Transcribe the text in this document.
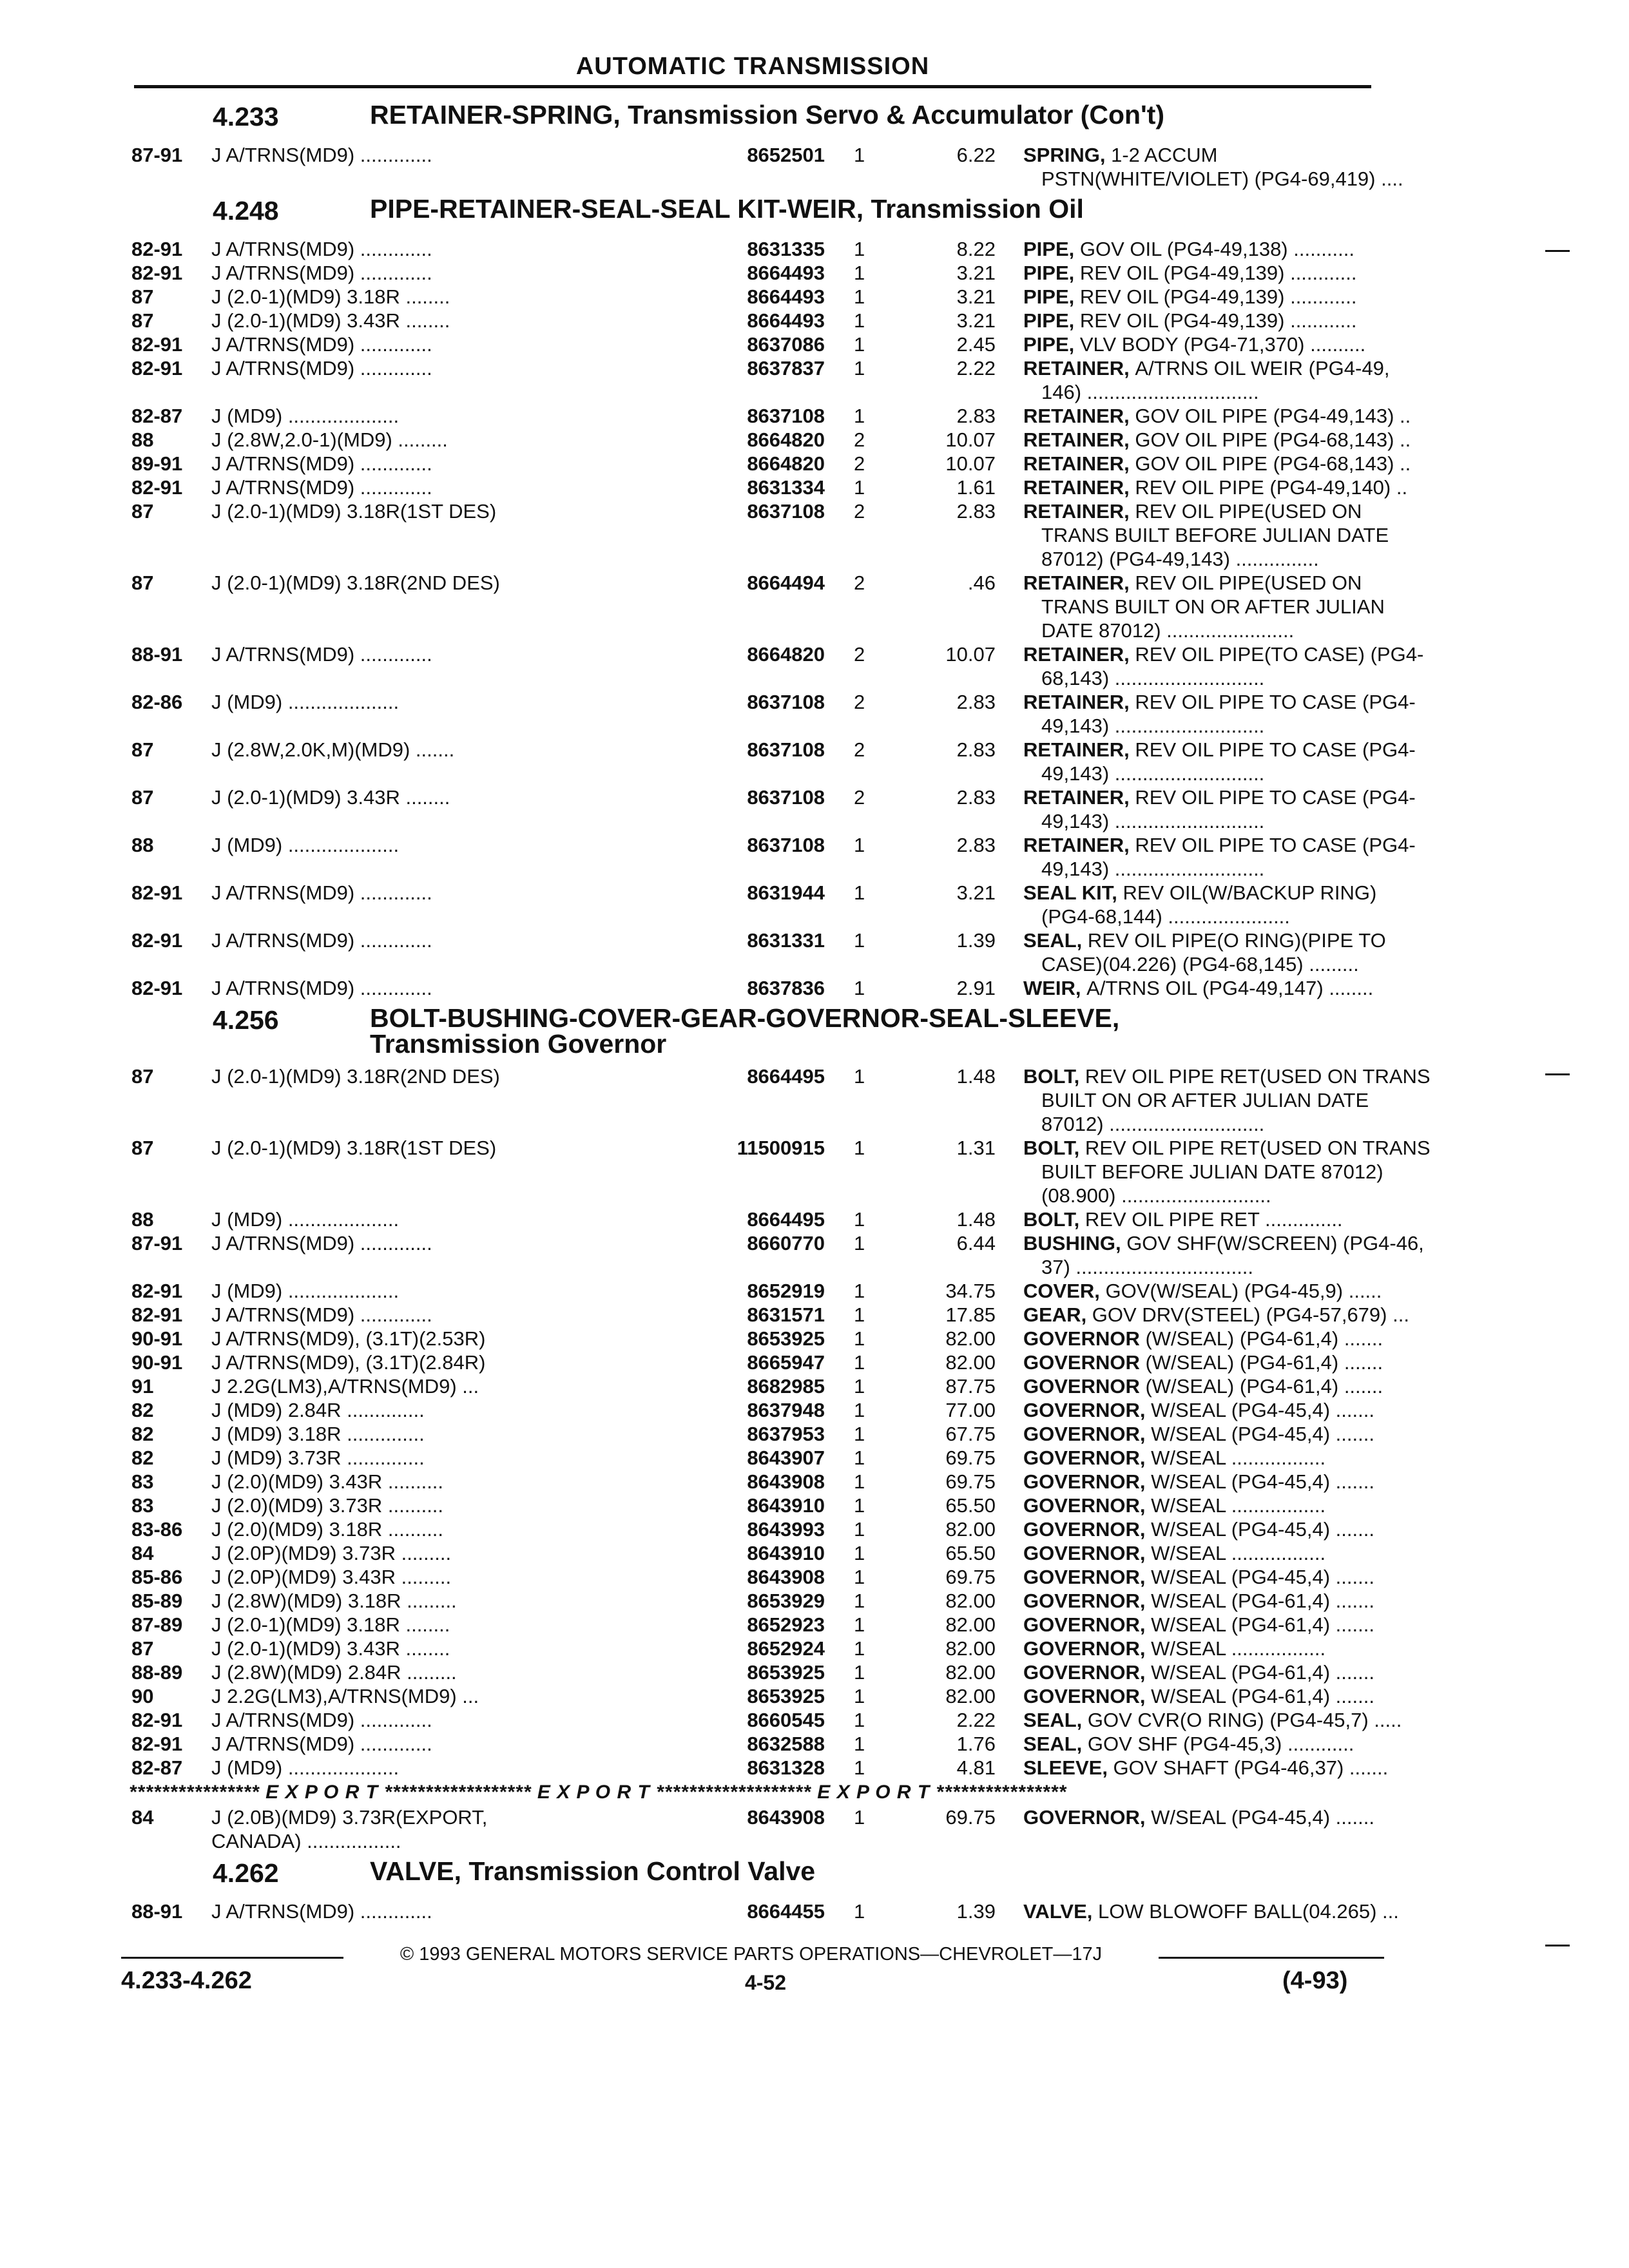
AUTOMATIC TRANSMISSION
4.233	RETAINER-SPRING, Transmission Servo & Accumulator (Con't)
87-91	J A/TRNS(MD9) .............	8652501 1	6.22 SPRING, 1-2 ACCUM
PSTN(WHITE/VIOLET) (PG4-69,419) ....
4.248	PIPE-RETAINER-SEAL-SEAL KIT-WEIR, Transmission Oil
82-91	J A/TRNS(MD9) .............	8631335 1	8.22 PIPE, GOV OIL (PG4-49,138) ...........
82-91	J A/TRNS(MD9) .............	8664493 1	3.21 PIPE, REV OIL (PG4-49,139) ............
87	J (2.0-1)(MD9) 3.18R ........	8664493 1	3.21 PIPE, REV OIL (PG4-49,139) ............
87	J (2.0-1)(MD9) 3.43R ........	8664493 1	3.21 PIPE, REV OIL (PG4-49,139) ............
82-91	J A/TRNS(MD9) .............	8637086 1	2.45 PIPE, VLV BODY (PG4-71,370) ..........
82-91	J A/TRNS(MD9) .............	8637837 1	2.22 RETAINER, A/TRNS OIL WEIR (PG4-49,
146) ...............................
82-87	J (MD9) ....................	8637108 1	2.83 RETAINER, GOV OIL PIPE (PG4-49,143) ..
88	J (2.8W,2.0-1)(MD9) .........	8664820 2	10.07 RETAINER, GOV OIL PIPE (PG4-68,143) ..
89-91	J A/TRNS(MD9) .............	8664820 2	10.07 RETAINER, GOV OIL PIPE (PG4-68,143) ..
82-91	J A/TRNS(MD9) .............	8631334 1	1.61 RETAINER, REV OIL PIPE (PG4-49,140) ..
87	J (2.0-1)(MD9) 3.18R(1ST DES)	8637108 2	2.83 RETAINER, REV OIL PIPE(USED ON
TRANS BUILT BEFORE JULIAN DATE
87012) (PG4-49,143) ...............
87	J (2.0-1)(MD9) 3.18R(2ND DES)	8664494 2	.46 RETAINER, REV OIL PIPE(USED ON
TRANS BUILT ON OR AFTER JULIAN
DATE 87012) .......................
88-91	J A/TRNS(MD9) .............	8664820 2	10.07 RETAINER, REV OIL PIPE(TO CASE) (PG4-
68,143) ...........................
82-86	J (MD9) ....................	8637108 2	2.83 RETAINER, REV OIL PIPE TO CASE (PG4-
49,143) ...........................
87	J (2.8W,2.0K,M)(MD9) .......	8637108 2	2.83 RETAINER, REV OIL PIPE TO CASE (PG4-
49,143) ...........................
87	J (2.0-1)(MD9) 3.43R ........	8637108 2	2.83 RETAINER, REV OIL PIPE TO CASE (PG4-
49,143) ...........................
88	J (MD9) ....................	8637108 1	2.83 RETAINER, REV OIL PIPE TO CASE (PG4-
49,143) ...........................
82-91	J A/TRNS(MD9) .............	8631944 1	3.21 SEAL KIT, REV OIL(W/BACKUP RING)
(PG4-68,144) ......................
82-91	J A/TRNS(MD9) .............	8631331 1	1.39 SEAL, REV OIL PIPE(O RING)(PIPE TO
CASE)(04.226) (PG4-68,145) .........
82-91	J A/TRNS(MD9) .............	8637836 1	2.91 WEIR, A/TRNS OIL (PG4-49,147) ........
4.256	BOLT-BUSHING-COVER-GEAR-GOVERNOR-SEAL-SLEEVE,
Transmission Governor
87	J (2.0-1)(MD9) 3.18R(2ND DES)	8664495 1	1.48 BOLT, REV OIL PIPE RET(USED ON TRANS
BUILT ON OR AFTER JULIAN DATE
87012) ............................
87	J (2.0-1)(MD9) 3.18R(1ST DES)	11500915 1	1.31 BOLT, REV OIL PIPE RET(USED ON TRANS
BUILT BEFORE JULIAN DATE 87012)
(08.900) ...........................
88	J (MD9) ....................	8664495 1	1.48 BOLT, REV OIL PIPE RET ..............
87-91	J A/TRNS(MD9) .............	8660770 1	6.44 BUSHING, GOV SHF(W/SCREEN) (PG4-46,
37) ................................
82-91	J (MD9) ....................	8652919 1	34.75 COVER, GOV(W/SEAL) (PG4-45,9) ......
82-91	J A/TRNS(MD9) .............	8631571 1	17.85 GEAR, GOV DRV(STEEL) (PG4-57,679) ...
90-91	J A/TRNS(MD9), (3.1T)(2.53R)	8653925 1	82.00 GOVERNOR (W/SEAL) (PG4-61,4) .......
90-91	J A/TRNS(MD9), (3.1T)(2.84R)	8665947 1	82.00 GOVERNOR (W/SEAL) (PG4-61,4) .......
91	J 2.2G(LM3),A/TRNS(MD9) ...	8682985 1	87.75 GOVERNOR (W/SEAL) (PG4-61,4) .......
82	J (MD9) 2.84R ..............	8637948 1	77.00 GOVERNOR, W/SEAL (PG4-45,4) .......
82	J (MD9) 3.18R ..............	8637953 1	67.75 GOVERNOR, W/SEAL (PG4-45,4) .......
82	J (MD9) 3.73R ..............	8643907 1	69.75 GOVERNOR, W/SEAL .................
83	J (2.0)(MD9) 3.43R ..........	8643908 1	69.75 GOVERNOR, W/SEAL (PG4-45,4) .......
83	J (2.0)(MD9) 3.73R ..........	8643910 1	65.50 GOVERNOR, W/SEAL .................
83-86	J (2.0)(MD9) 3.18R ..........	8643993 1	82.00 GOVERNOR, W/SEAL (PG4-45,4) .......
84	J (2.0P)(MD9) 3.73R .........	8643910 1	65.50 GOVERNOR, W/SEAL .................
85-86	J (2.0P)(MD9) 3.43R .........	8643908 1	69.75 GOVERNOR, W/SEAL (PG4-45,4) .......
85-89	J (2.8W)(MD9) 3.18R .........	8653929 1	82.00 GOVERNOR, W/SEAL (PG4-61,4) .......
87-89	J (2.0-1)(MD9) 3.18R ........	8652923 1	82.00 GOVERNOR, W/SEAL (PG4-61,4) .......
87	J (2.0-1)(MD9) 3.43R ........	8652924 1	82.00 GOVERNOR, W/SEAL .................
88-89	J (2.8W)(MD9) 2.84R .........	8653925 1	82.00 GOVERNOR, W/SEAL (PG4-61,4) .......
90	J 2.2G(LM3),A/TRNS(MD9) ...	8653925 1	82.00 GOVERNOR, W/SEAL (PG4-61,4) .......
82-91	J A/TRNS(MD9) .............	8660545 1	2.22 SEAL, GOV CVR(O RING) (PG4-45,7) .....
82-91	J A/TRNS(MD9) .............	8632588 1	1.76 SEAL, GOV SHF (PG4-45,3) ............
82-87	J (MD9) ....................	8631328 1	4.81 SLEEVE, GOV SHAFT (PG4-46,37) .......
**************** E X P O R T ****************** E X P O R T ******************* E X P O R T ****************
84	J (2.0B)(MD9) 3.73R(EXPORT,	8643908 1	69.75 GOVERNOR, W/SEAL (PG4-45,4) .......
CANADA) .................
4.262	VALVE, Transmission Control Valve
88-91	J A/TRNS(MD9) .............	8664455 1	1.39 VALVE, LOW BLOWOFF BALL(04.265) ...
© 1993 GENERAL MOTORS SERVICE PARTS OPERATIONS—CHEVROLET—17J
4.233-4.262	4-52	(4-93)
